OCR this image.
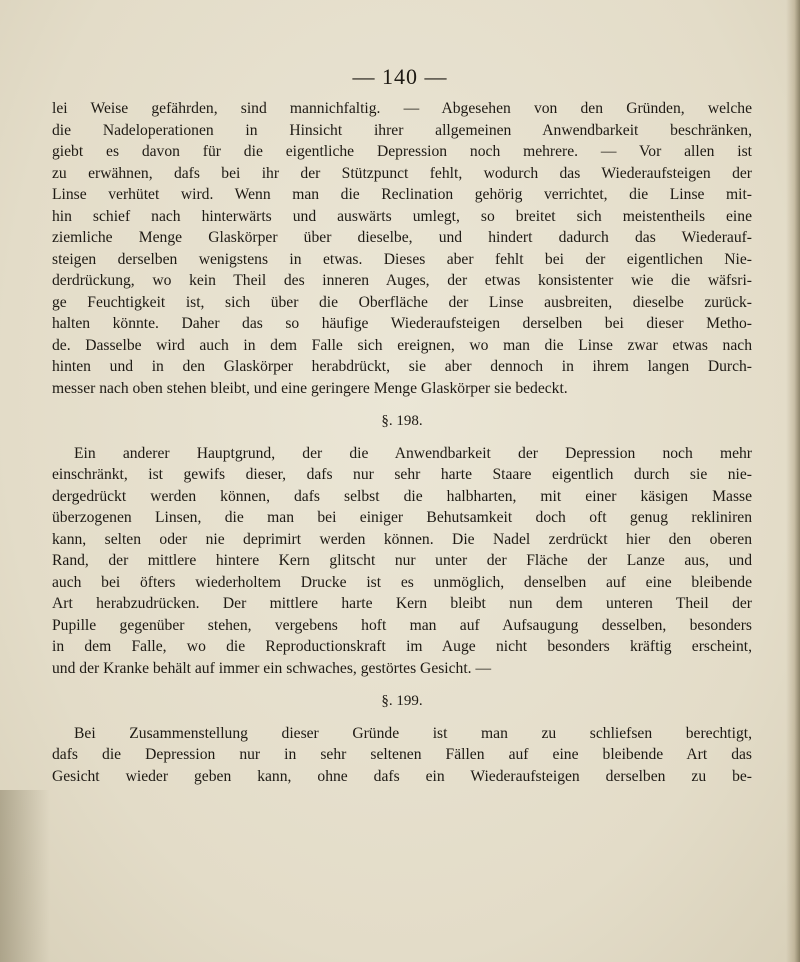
— 140 —
lei Weise gefährden, sind mannichfaltig. — Abgesehen von den Gründen, welche
die Nadeloperationen in Hinsicht ihrer allgemeinen Anwendbarkeit beschränken,
giebt es davon für die eigentliche Depression noch mehrere. — Vor allen ist
zu erwähnen, dafs bei ihr der Stützpunct fehlt, wodurch das Wiederaufsteigen der
Linse verhütet wird. Wenn man die Reclination gehörig verrichtet, die Linse mit-
hin schief nach hinterwärts und auswärts umlegt, so breitet sich meistentheils eine
ziemliche Menge Glaskörper über dieselbe, und hindert dadurch das Wiederauf-
steigen derselben wenigstens in etwas. Dieses aber fehlt bei der eigentlichen Nie-
derdrückung, wo kein Theil des inneren Auges, der etwas konsistenter wie die wäfsri-
ge Feuchtigkeit ist, sich über die Oberfläche der Linse ausbreiten, dieselbe zurück-
halten könnte. Daher das so häufige Wiederaufsteigen derselben bei dieser Metho-
de. Dasselbe wird auch in dem Falle sich ereignen, wo man die Linse zwar etwas nach
hinten und in den Glaskörper herabdrückt, sie aber dennoch in ihrem langen Durch-
messer nach oben stehen bleibt, und eine geringere Menge Glaskörper sie bedeckt.
§. 198.
Ein anderer Hauptgrund, der die Anwendbarkeit der Depression noch mehr
einschränkt, ist gewifs dieser, dafs nur sehr harte Staare eigentlich durch sie nie-
dergedrückt werden können, dafs selbst die halbharten, mit einer käsigen Masse
überzogenen Linsen, die man bei einiger Behutsamkeit doch oft genug rekliniren
kann, selten oder nie deprimirt werden können. Die Nadel zerdrückt hier den oberen
Rand, der mittlere hintere Kern glitscht nur unter der Fläche der Lanze aus, und
auch bei öfters wiederholtem Drucke ist es unmöglich, denselben auf eine bleibende
Art herabzudrücken. Der mittlere harte Kern bleibt nun dem unteren Theil der
Pupille gegenüber stehen, vergebens hoft man auf Aufsaugung desselben, besonders
in dem Falle, wo die Reproductionskraft im Auge nicht besonders kräftig erscheint,
und der Kranke behält auf immer ein schwaches, gestörtes Gesicht. —
§. 199.
Bei Zusammenstellung dieser Gründe ist man zu schliefsen berechtigt,
dafs die Depression nur in sehr seltenen Fällen auf eine bleibende Art das
Gesicht wieder geben kann, ohne dafs ein Wiederaufsteigen derselben zu be-
